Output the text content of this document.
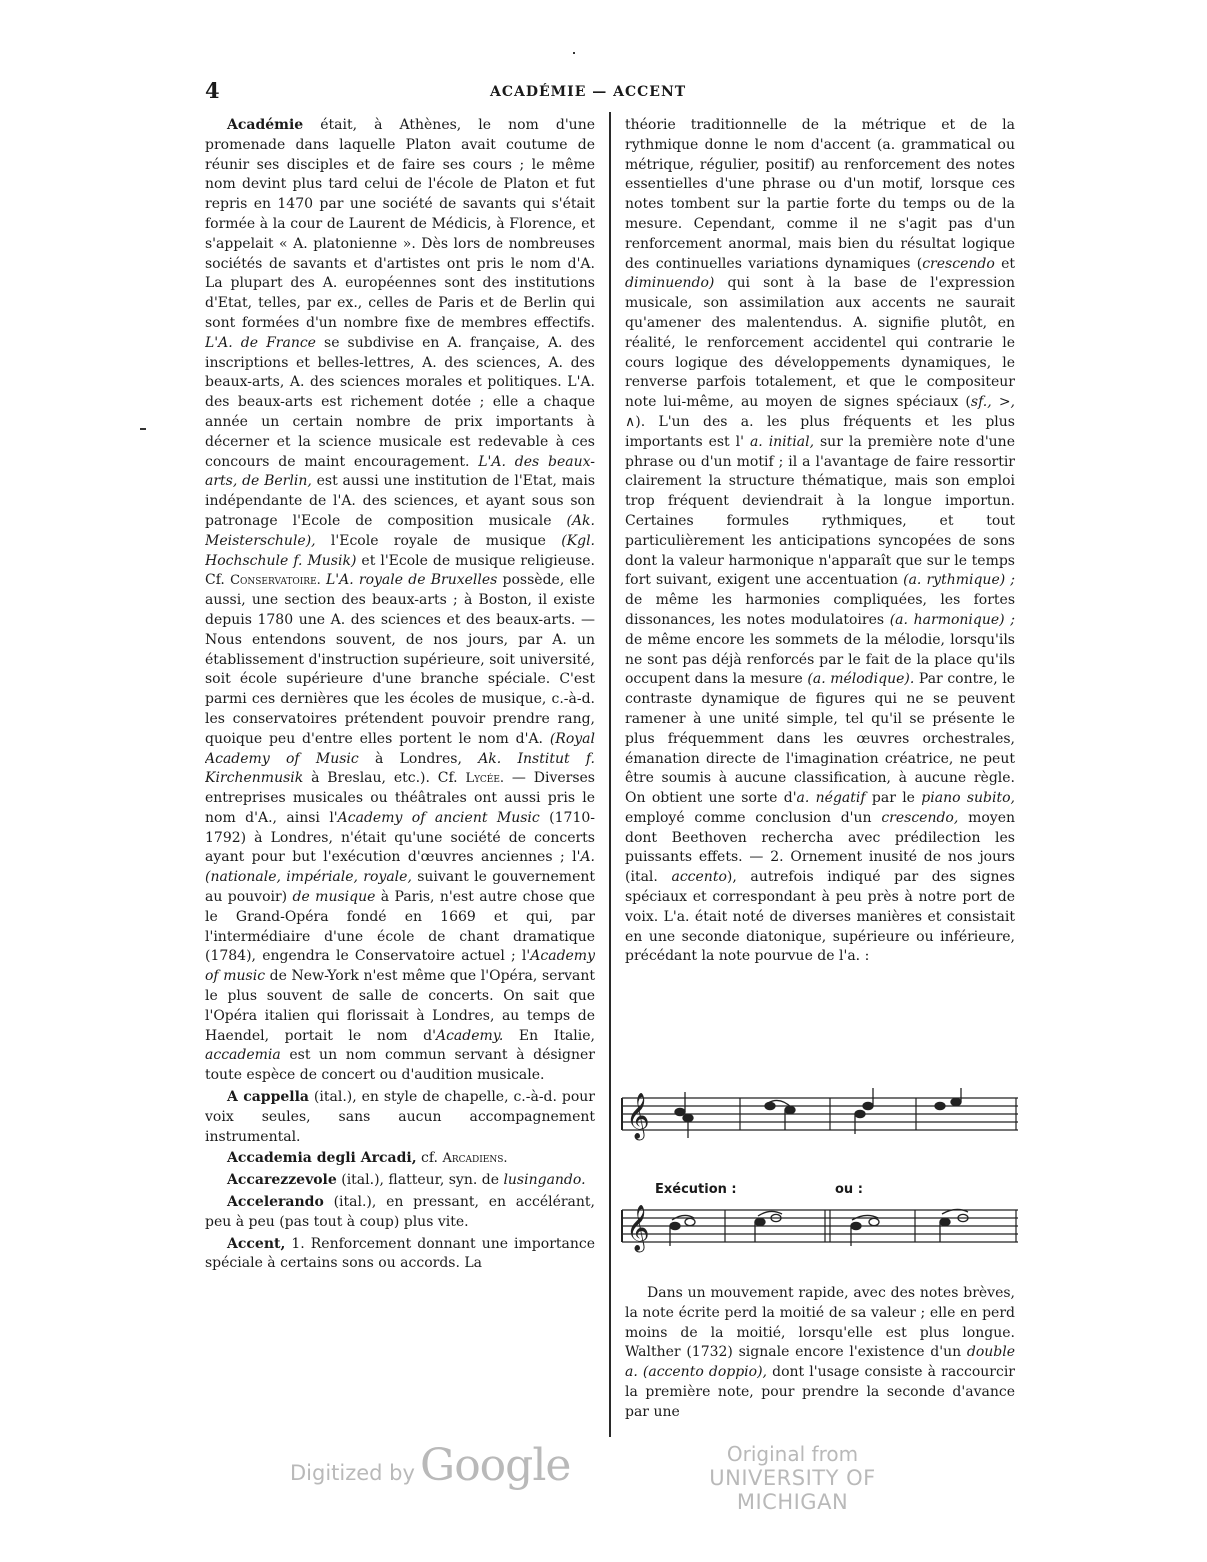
4	ACADÉMIE — ACCENT

Académie était, à Athènes, le nom d'une promenade dans laquelle Platon avait coutume de réunir ses disciples et de faire ses cours ; le même nom devint plus tard celui de l'école de Platon et fut repris en 1470 par une société de savants qui s'était formée à la cour de Laurent de Médicis, à Florence, et s'appelait « A. platonienne ». Dès lors de nombreuses sociétés de savants et d'artistes ont pris le nom d'A. La plupart des A. européennes sont des institutions d'Etat, telles, par ex., celles de Paris et de Berlin qui sont formées d'un nombre fixe de membres effectifs. L'A. de France se subdivise en A. française, A. des inscriptions et belles-lettres, A. des sciences, A. des beaux-arts, A. des sciences morales et politiques. L'A. des beaux-arts est richement dotée ; elle a chaque année un certain nombre de prix importants à décerner et la science musicale est redevable à ces concours de maint encouragement. L'A. des beaux-arts, de Berlin, est aussi une institution de l'Etat, mais indépendante de l'A. des sciences, et ayant sous son patronage l'Ecole de composition musicale (Ak. Meisterschule), l'Ecole royale de musique (Kgl. Hochschule f. Musik) et l'Ecole de musique religieuse. Cf. Conservatoire. L'A. royale de Bruxelles possède, elle aussi, une section des beaux-arts ; à Boston, il existe depuis 1780 une A. des sciences et des beaux-arts. — Nous entendons souvent, de nos jours, par A. un établissement d'instruction supérieure, soit université, soit école supérieure d'une branche spéciale. C'est parmi ces dernières que les écoles de musique, c.-à-d. les conservatoires prétendent pouvoir prendre rang, quoique peu d'entre elles portent le nom d'A. (Royal Academy of Music à Londres, Ak. Institut f. Kirchenmusik à Breslau, etc.). Cf. Lycée. — Diverses entreprises musicales ou théâtrales ont aussi pris le nom d'A., ainsi l'Academy of ancient Music (1710-1792) à Londres, n'était qu'une société de concerts ayant pour but l'exécution d'œuvres anciennes ; l'A. (nationale, impériale, royale, suivant le gouvernement au pouvoir) de musique à Paris, n'est autre chose que le Grand-Opéra fondé en 1669 et qui, par l'intermédiaire d'une école de chant dramatique (1784), engendra le Conservatoire actuel ; l'Academy of music de New-York n'est même que l'Opéra, servant le plus souvent de salle de concerts. On sait que l'Opéra italien qui florissait à Londres, au temps de Haendel, portait le nom d'Academy. En Italie, accademia est un nom commun servant à désigner toute espèce de concert ou d'audition musicale.

A cappella (ital.), en style de chapelle, c.-à-d. pour voix seules, sans aucun accompagnement instrumental.

Accademia degli Arcadi, cf. Arcadiens.

Accarezzevole (ital.), flatteur, syn. de lusingando.

Accelerando (ital.), en pressant, en accélérant, peu à peu (pas tout à coup) plus vite.

Accent, 1. Renforcement donnant une importance spéciale à certains sons ou accords. La

théorie traditionnelle de la métrique et de la rythmique donne le nom d'accent (a. grammatical ou métrique, régulier, positif) au renforcement des notes essentielles d'une phrase ou d'un motif, lorsque ces notes tombent sur la partie forte du temps ou de la mesure. Cependant, comme il ne s'agit pas d'un renforcement anormal, mais bien du résultat logique des continuelles variations dynamiques (crescendo et diminuendo) qui sont à la base de l'expression musicale, son assimilation aux accents ne saurait qu'amener des malentendus. A. signifie plutôt, en réalité, le renforcement accidentel qui contrarie le cours logique des développements dynamiques, le renverse parfois totalement, et que le compositeur note lui-même, au moyen de signes spéciaux (sf., >, ∧). L'un des a. les plus fréquents et les plus importants est l' a. initial, sur la première note d'une phrase ou d'un motif ; il a l'avantage de faire ressortir clairement la structure thématique, mais son emploi trop fréquent deviendrait à la longue importun. Certaines formules rythmiques, et tout particulièrement les anticipations syncopées de sons dont la valeur harmonique n'apparaît que sur le temps fort suivant, exigent une accentuation (a. rythmique) ; de même les harmonies compliquées, les fortes dissonances, les notes modulatoires (a. harmonique) ; de même encore les sommets de la mélodie, lorsqu'ils ne sont pas déjà renforcés par le fait de la place qu'ils occupent dans la mesure (a. mélodique). Par contre, le contraste dynamique de figures qui ne se peuvent ramener à une unité simple, tel qu'il se présente le plus fréquemment dans les œuvres orchestrales, émanation directe de l'imagination créatrice, ne peut être soumis à aucune classification, à aucune règle. On obtient une sorte d'a. négatif par le piano subito, employé comme conclusion d'un crescendo, moyen dont Beethoven rechercha avec prédilection les puissants effets. — 2. Ornement inusité de nos jours (ital. accento), autrefois indiqué par des signes spéciaux et correspondant à peu près à notre port de voix. L'a. était noté de diverses manières et consistait en une seconde diatonique, supérieure ou inférieure, précédant la note pourvue de l'a. :

𝄞
Exécution :	ou :
𝄞

Dans un mouvement rapide, avec des notes brèves, la note écrite perd la moitié de sa valeur ; elle en perd moins de la moitié, lorsqu'elle est plus longue. Walther (1732) signale encore l'existence d'un double a. (accento doppio), dont l'usage consiste à raccourcir la première note, pour prendre la seconde d'avance par une

Digitized by Google	Original from
UNIVERSITY OF MICHIGAN
